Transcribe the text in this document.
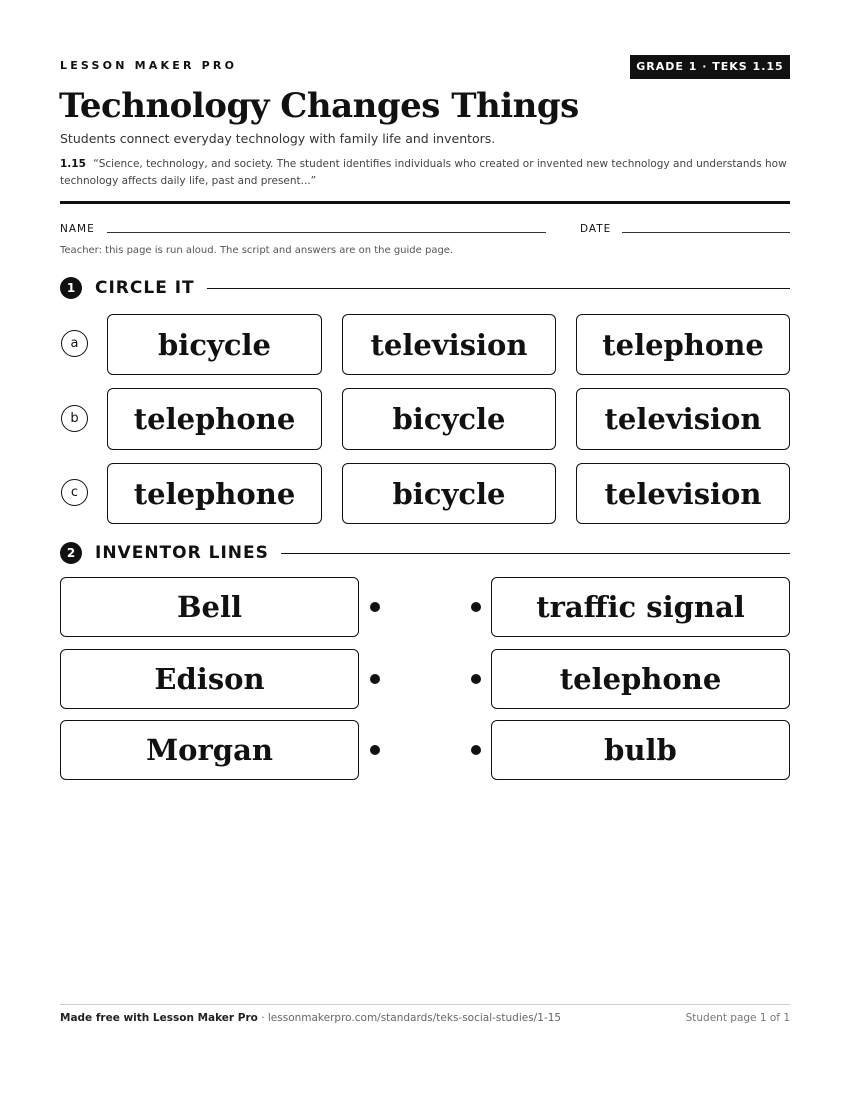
LESSON MAKER PRO	GRADE 1 · TEKS 1.15
Technology Changes Things
Students connect everyday technology with family life and inventors.
1.15 “Science, technology, and society. The student identifies individuals who created or invented new technology and understands how technology affects daily life, past and present...”
NAME	DATE
Teacher: this page is run aloud. The script and answers are on the guide page.
1	CIRCLE IT
a	bicycle	television	telephone
b	telephone	bicycle	television
c	telephone	bicycle	television
2	INVENTOR LINES
Bell	traffic signal
Edison	telephone
Morgan	bulb
Made free with Lesson Maker Pro · lessonmakerpro.com/standards/teks-social-studies/1-15	Student page 1 of 1
